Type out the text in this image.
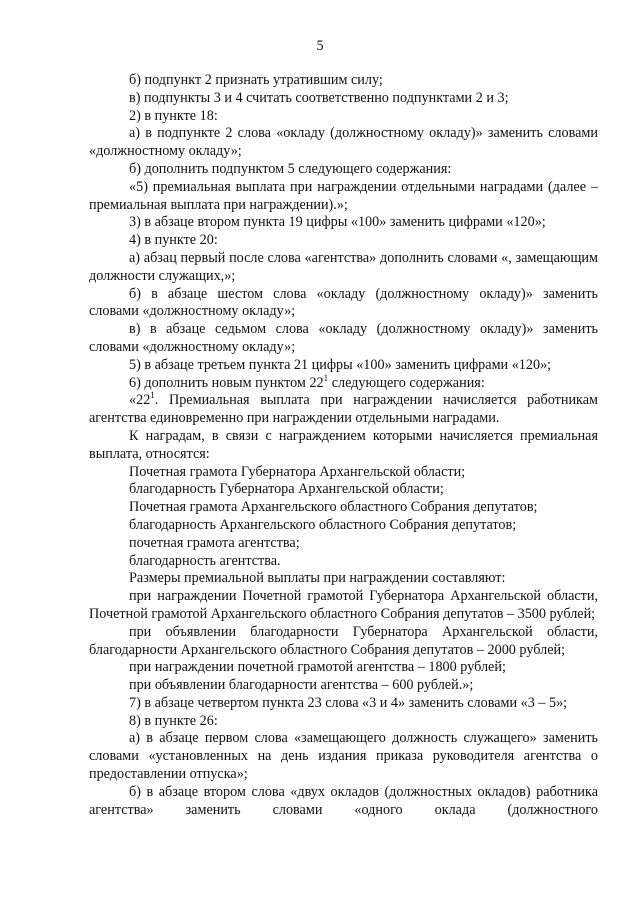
5

б) подпункт 2 признать утратившим силу;

в) подпункты 3 и 4 считать соответственно подпунктами 2 и 3;

2) в пункте 18:

а) в подпункте 2 слова «окладу (должностному окладу)» заменить словами «должностному окладу»;

б) дополнить подпунктом 5 следующего содержания:

«5) премиальная выплата при награждении отдельными наградами (далее – премиальная выплата при награждении).»;

3) в абзаце втором пункта 19 цифры «100» заменить цифрами «120»;

4) в пункте 20:

а) абзац первый после слова «агентства» дополнить словами «, замещающим должности служащих,»;

б) в абзаце шестом слова «окладу (должностному окладу)» заменить словами «должностному окладу»;

в) в абзаце седьмом слова «окладу (должностному окладу)» заменить словами «должностному окладу»;

5) в абзаце третьем пункта 21 цифры «100» заменить цифрами «120»;

6) дополнить новым пунктом $22^1$ следующего содержания:

«$22^1$. Премиальная выплата при награждении начисляется работникам агентства единовременно при награждении отдельными наградами.

К наградам, в связи с награждением которыми начисляется премиальная выплата, относятся:

Почетная грамота Губернатора Архангельской области;

благодарность Губернатора Архангельской области;

Почетная грамота Архангельского областного Собрания депутатов;

благодарность Архангельского областного Собрания депутатов;

почетная грамота агентства;

благодарность агентства.

Размеры премиальной выплаты при награждении составляют:

при награждении Почетной грамотой Губернатора Архангельской области, Почетной грамотой Архангельского областного Собрания депутатов – 3500 рублей;

при объявлении благодарности Губернатора Архангельской области, благодарности Архангельского областного Собрания депутатов – 2000 рублей;

при награждении почетной грамотой агентства – 1800 рублей;

при объявлении благодарности агентства – 600 рублей.»;

7) в абзаце четвертом пункта 23 слова «3 и 4» заменить словами «3 – 5»;

8) в пункте 26:

а) в абзаце первом слова «замещающего должность служащего» заменить словами «установленных на день издания приказа руководителя агентства о предоставлении отпуска»;

б) в абзаце втором слова «двух окладов (должностных окладов) работника агентства» заменить словами «одного оклада (должностного
